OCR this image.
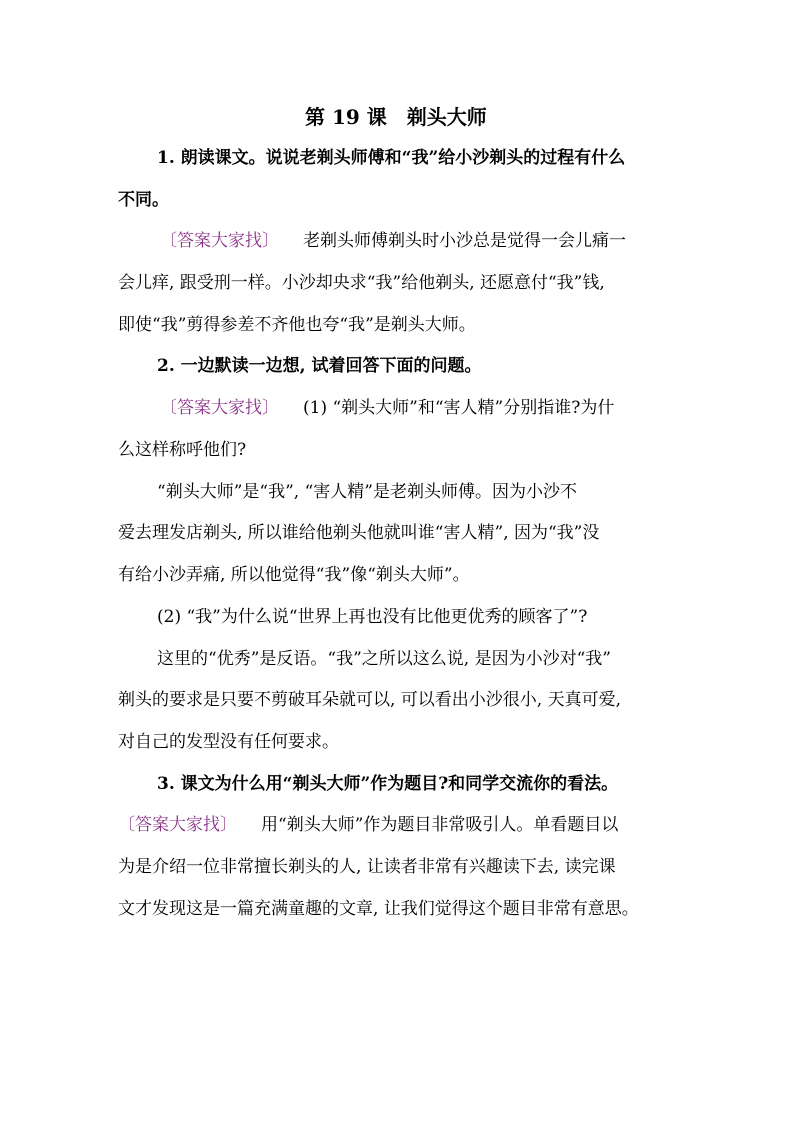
第 19 课　剃头大师
1. 朗读课文。说说老剃头师傅和“我”给小沙剃头的过程有什么
不同。
〔答案大家找〕 老剃头师傅剃头时小沙总是觉得一会儿痛一
会儿痒, 跟受刑一样。小沙却央求“我”给他剃头, 还愿意付“我”钱,
即使“我”剪得参差不齐他也夸“我”是剃头大师。
2. 一边默读一边想, 试着回答下面的问题。
〔答案大家找〕 (1) “剃头大师”和“害人精”分别指谁?为什
么这样称呼他们?
“剃头大师”是“我”, “害人精”是老剃头师傅。因为小沙不
爱去理发店剃头, 所以谁给他剃头他就叫谁“害人精”, 因为“我”没
有给小沙弄痛, 所以他觉得“我”像“剃头大师”。
(2) “我”为什么说“世界上再也没有比他更优秀的顾客了”?
这里的“优秀”是反语。“我”之所以这么说, 是因为小沙对“我”
剃头的要求是只要不剪破耳朵就可以, 可以看出小沙很小, 天真可爱,
对自己的发型没有任何要求。
3. 课文为什么用“剃头大师”作为题目?和同学交流你的看法。
〔答案大家找〕 用“剃头大师”作为题目非常吸引人。单看题目以
为是介绍一位非常擅长剃头的人, 让读者非常有兴趣读下去, 读完课
文才发现这是一篇充满童趣的文章, 让我们觉得这个题目非常有意思。
